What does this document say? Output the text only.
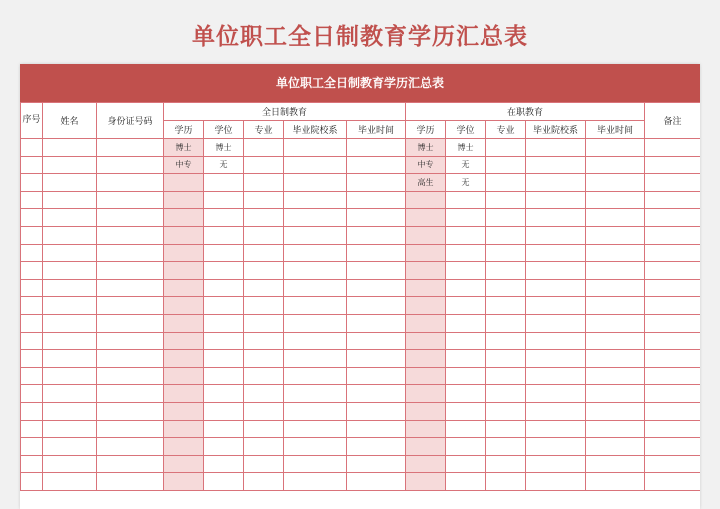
单位职工全日制教育学历汇总表
单位职工全日制教育学历汇总表
序号	姓名	身份证号码	全日制教育					在职教育					备注
			学历	学位	专业	毕业院校系	毕业时间	学历	学位	专业	毕业院校系	毕业时间	
			博士	博士				博士	博士				
			中专	无				中专	无				
								高生	无				
